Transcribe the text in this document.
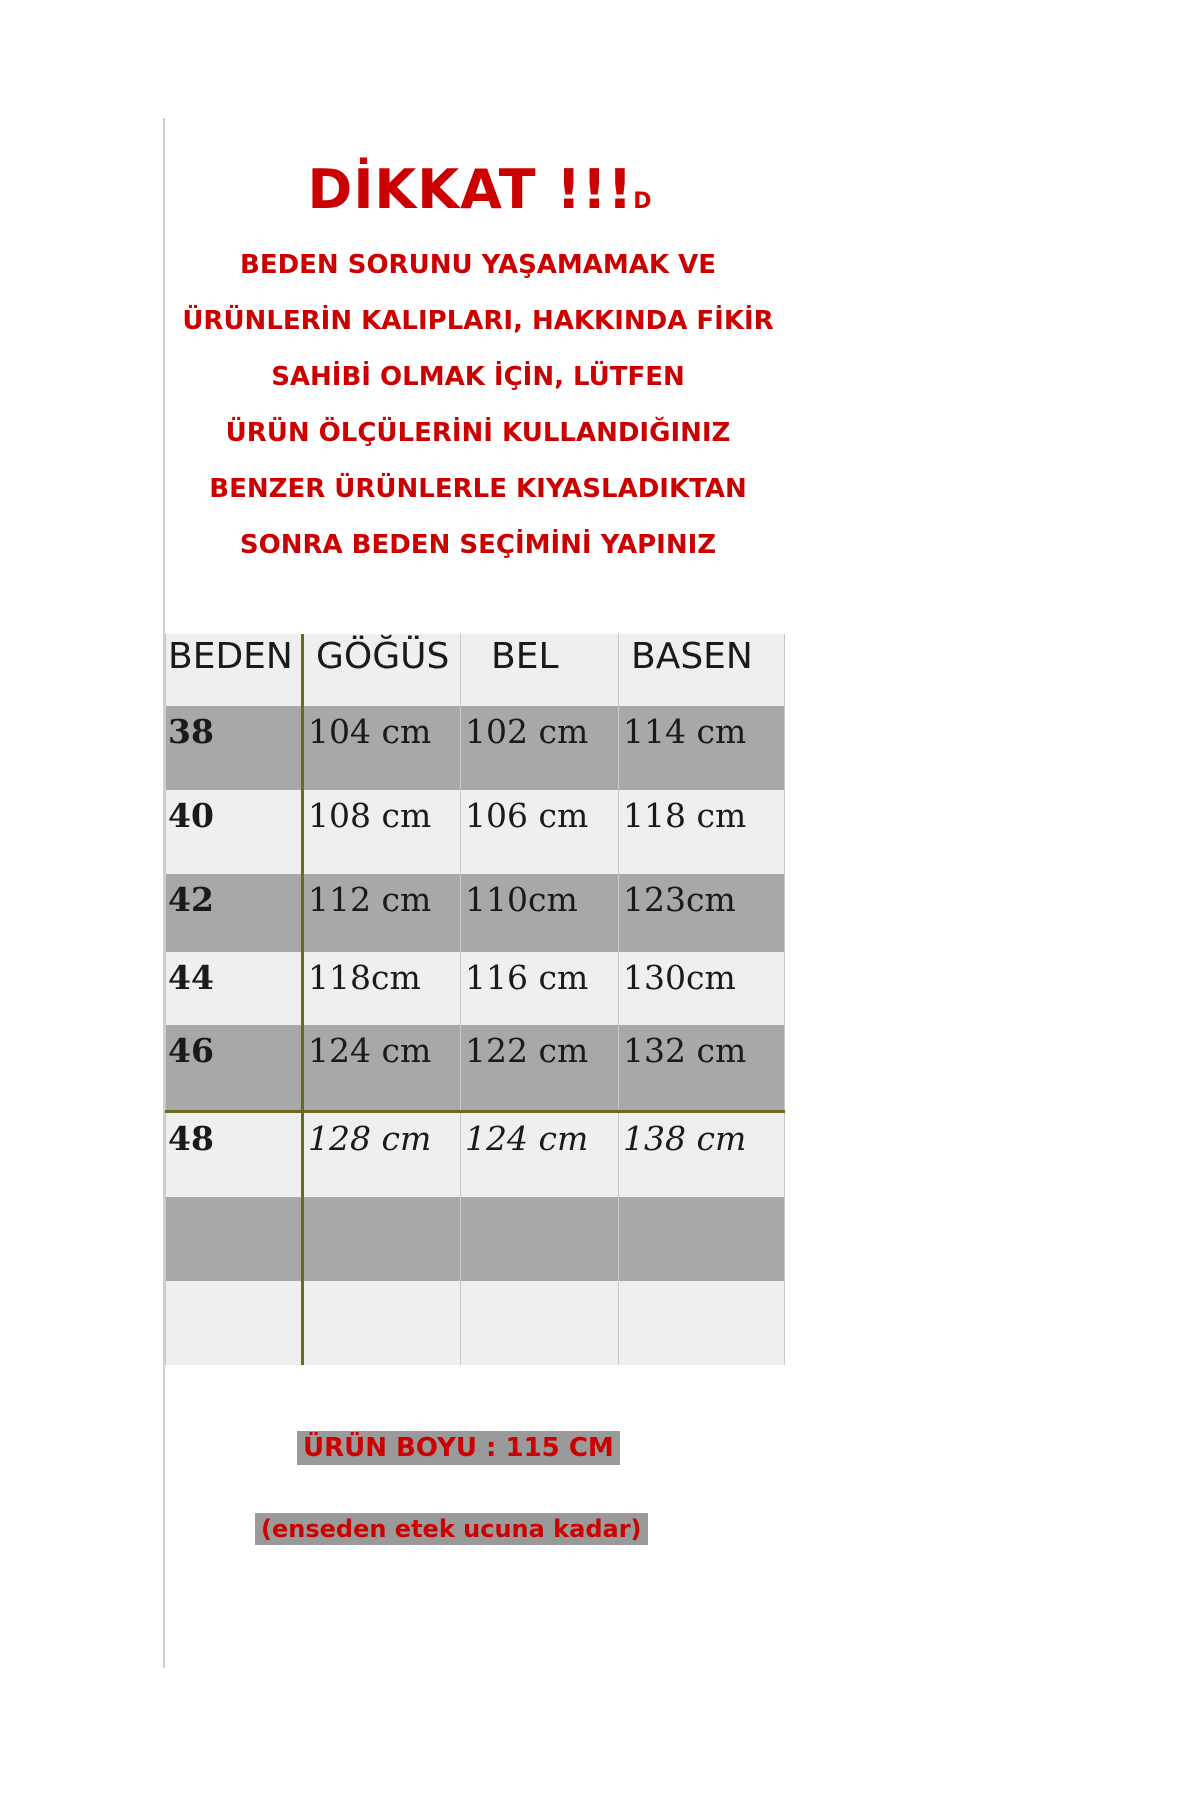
DİKKAT !!!D
BEDEN SORUNU YAŞAMAMAK VE
ÜRÜNLERİN KALIPLARI, HAKKINDA FİKİR
SAHİBİ OLMAK İÇİN, LÜTFEN
ÜRÜN ÖLÇÜLERİNİ KULLANDIĞINIZ
BENZER ÜRÜNLERLE KIYASLADIKTAN
SONRA BEDEN SEÇİMİNİ YAPINIZ
BEDEN	GÖĞÜS	BEL	BASEN
38	104 cm	102 cm	114 cm
40	108 cm	106 cm	118 cm
42	112 cm	110cm	123cm
44	118cm	116 cm	130cm
46	124 cm	122 cm	132 cm
48	128 cm	124 cm	138 cm

ÜRÜN BOYU : 115 CM
(enseden etek ucuna kadar)
